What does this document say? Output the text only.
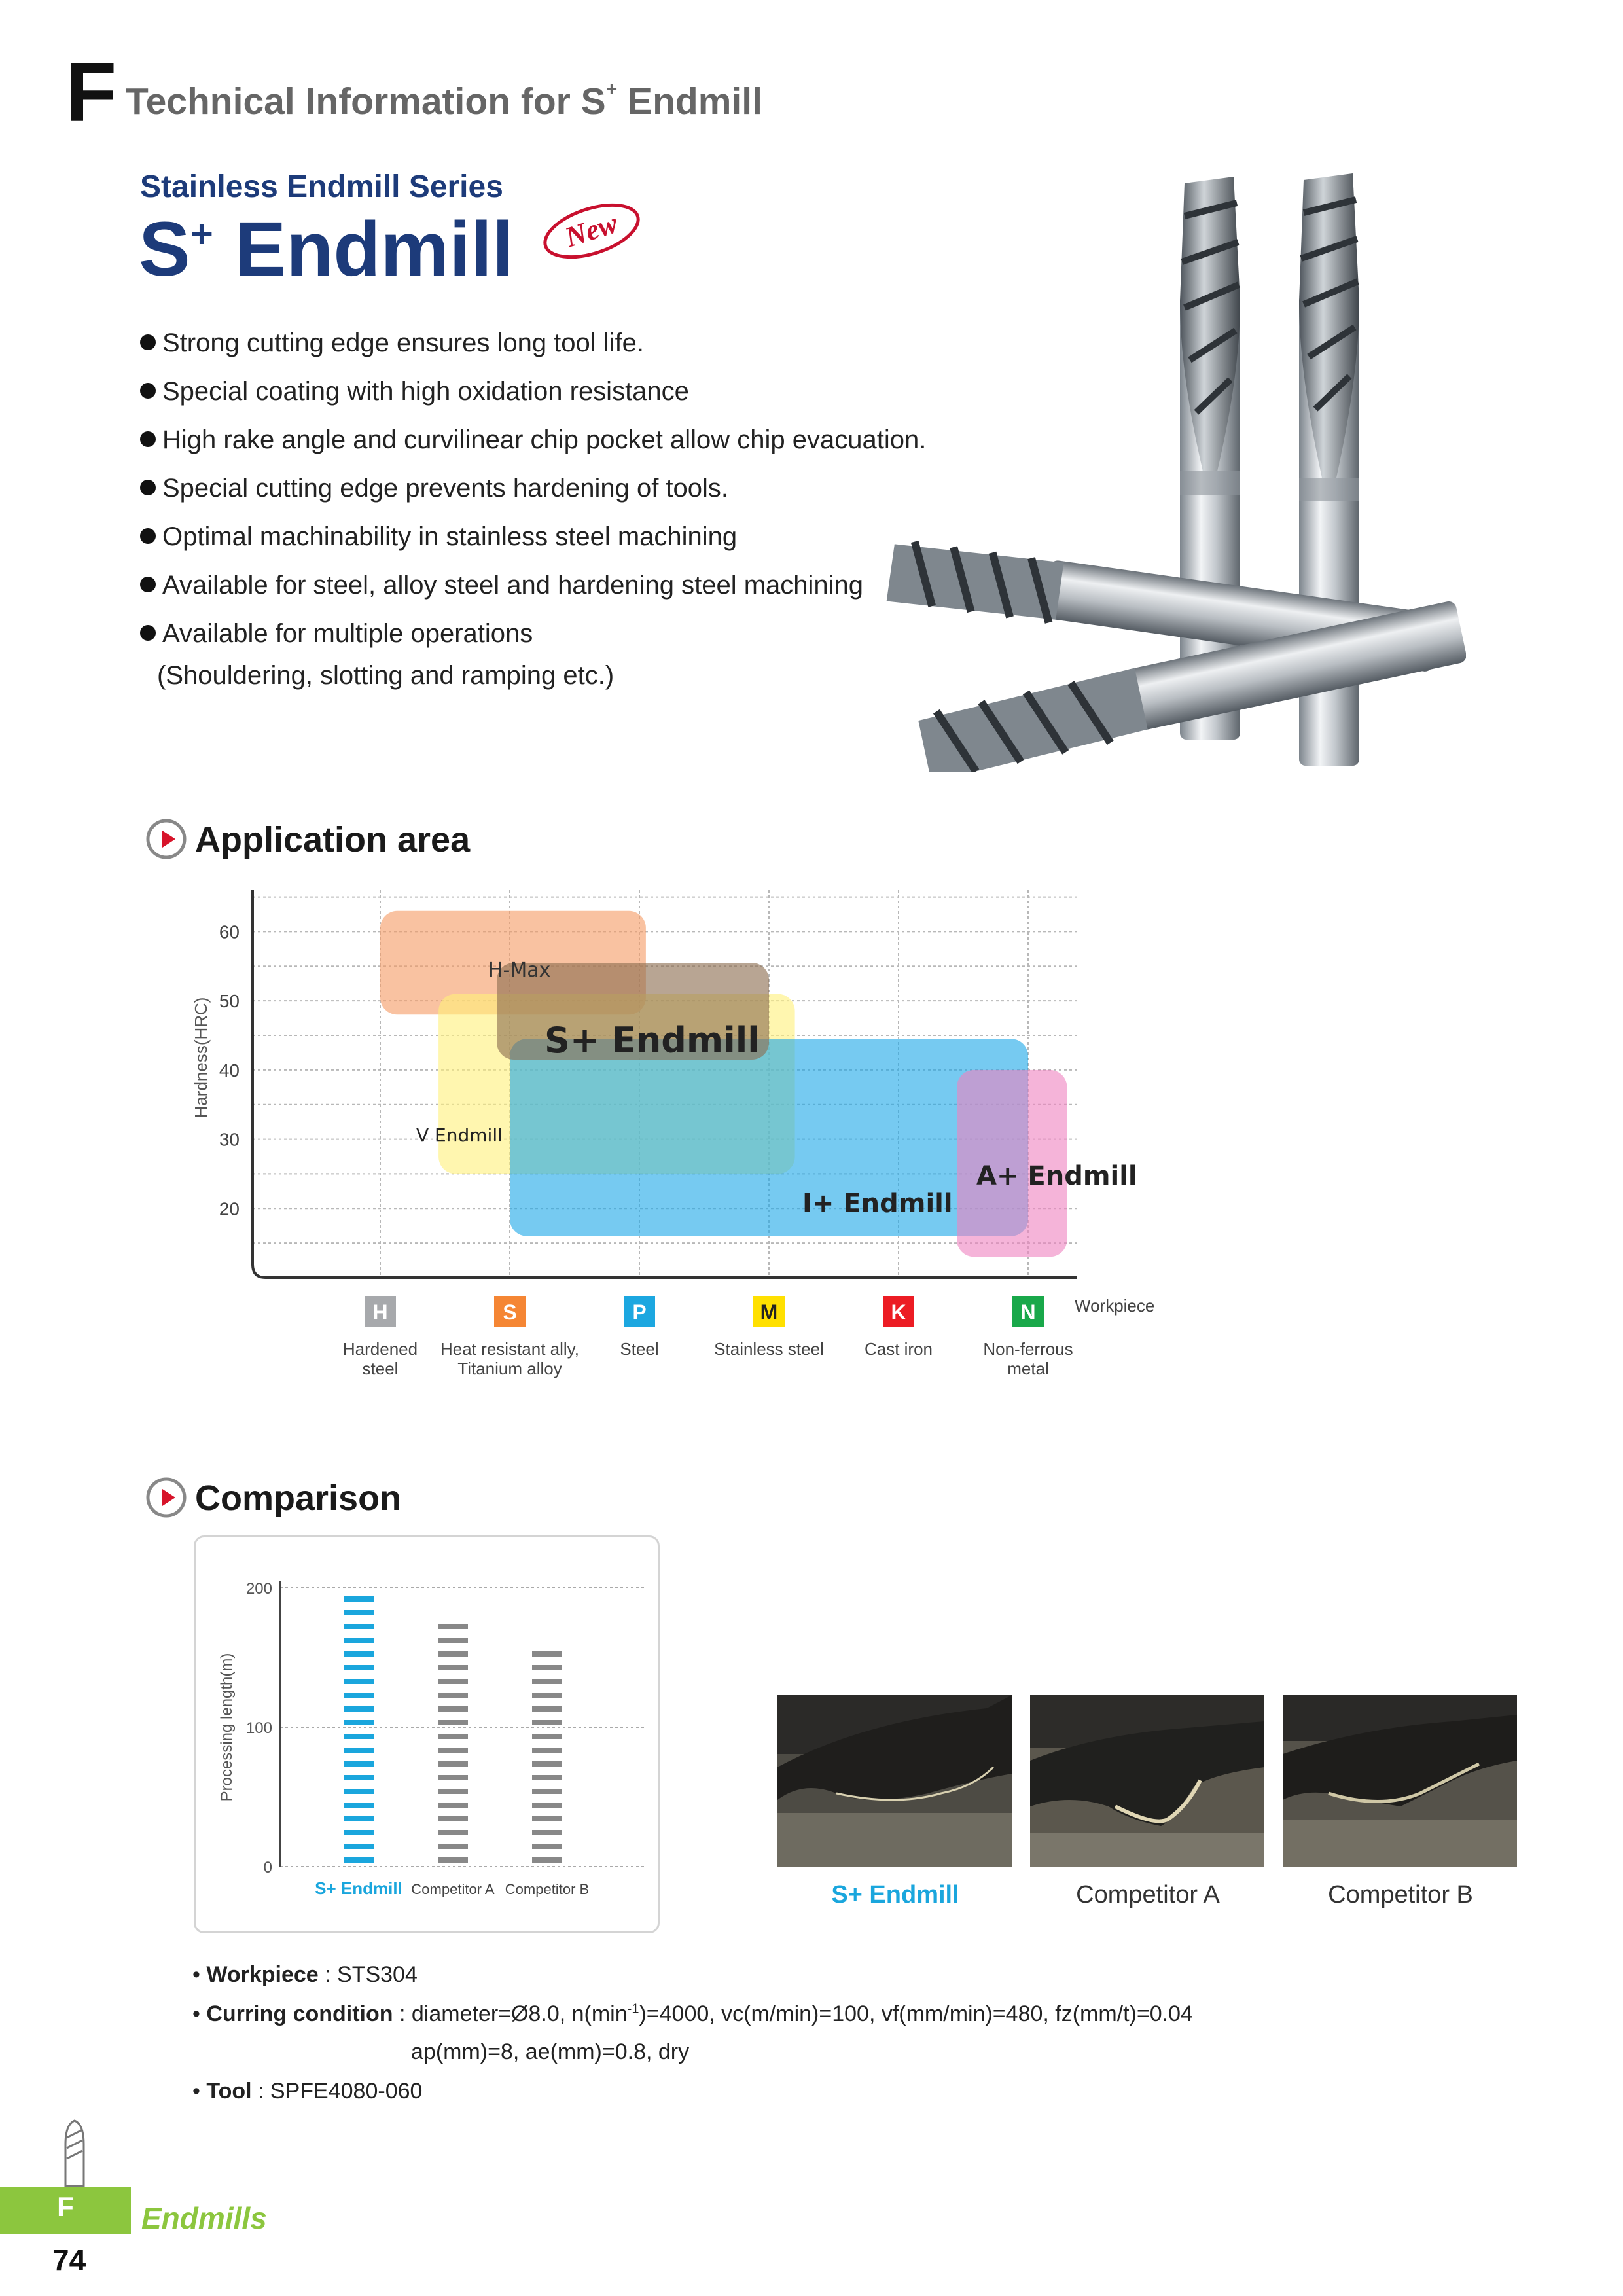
F Technical Information for S+ Endmill
Stainless Endmill Series
S+ Endmill New
Strong cutting edge ensures long tool life.
Special coating with high oxidation resistance
High rake angle and curvilinear chip pocket allow chip evacuation.
Special cutting edge prevents hardening of tools.
Optimal machinability in stainless steel machining
Available for steel, alloy steel and hardening steel machining
Available for multiple operations
(Shouldering, slotting and ramping etc.)
Application area
H-Max
V Endmill
I+ Endmill
A+ Endmill
S+ Endmill
20
30
40
50
60
Hardness(HRC)
H
Hardened
steel
S
Heat resistant ally,
Titanium alloy
P
Steel
M
Stainless steel
K
Cast iron
N
Non-ferrous
metal
Workpiece
Comparison
0
100
200
Processing length(m)
S+ Endmill Competitor A Competitor B	S+ Endmill	Competitor A	Competitor B
• Workpiece : STS304
• Curring condition : diameter=Ø8.0, $n(\min^{-1})=4000$, vc(m/min)=100, vf(mm/min)=480, fz(mm/t)=0.04
ap(mm)=8, ae(mm)=0.8, dry
• Tool : SPFE4080-060
F	Endmills
74
